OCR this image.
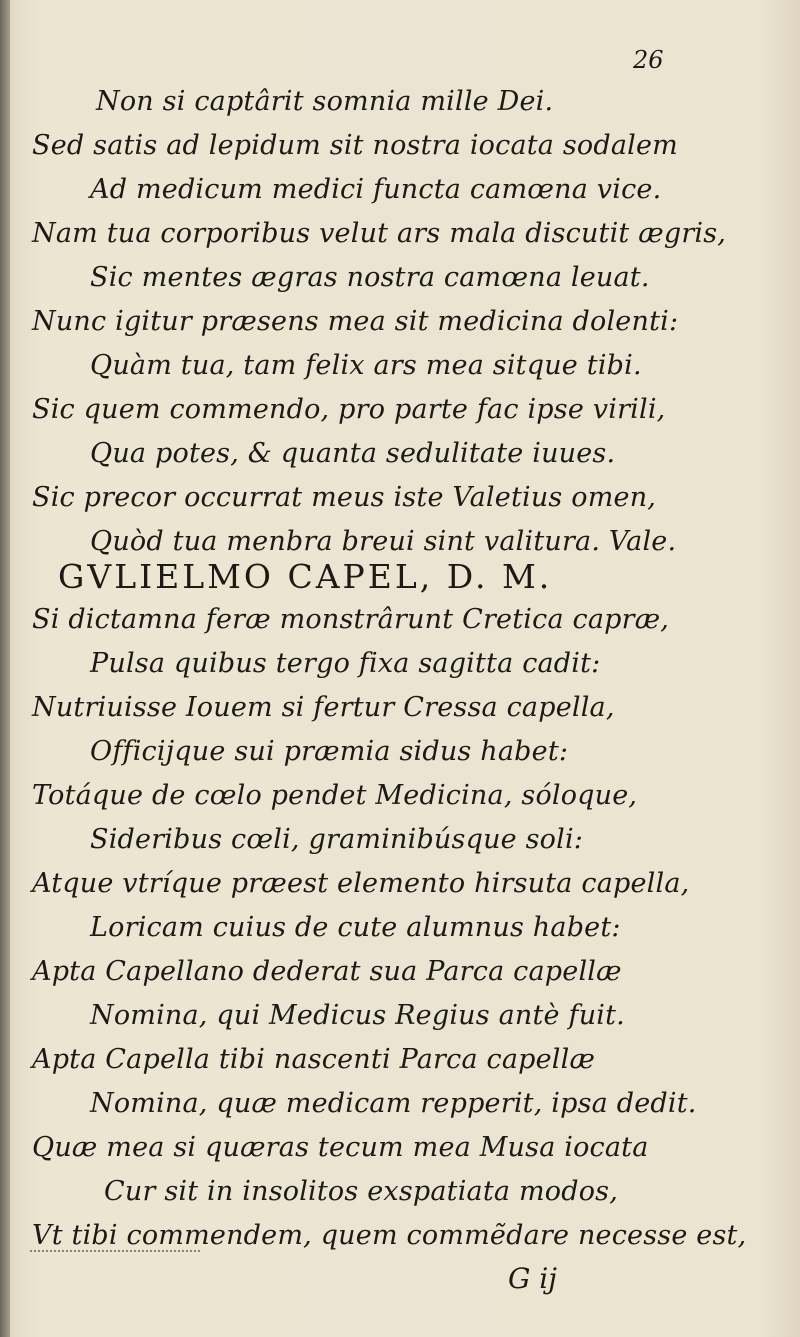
26
Non si captârit somnia mille Dei.
Sed satis ad lepidum sit nostra iocata sodalem
Ad medicum medici functa camœna vice.
Nam tua corporibus velut ars mala discutit ægris,
Sic mentes ægras nostra camœna leuat.
Nunc igitur præsens mea sit medicina dolenti:
Quàm tua, tam felix ars mea sitque tibi.
Sic quem commendo, pro parte fac ipse virili,
Qua potes, & quanta sedulitate iuues.
Sic precor occurrat meus iste Valetius omen,
Quòd tua menbra breui sint valitura. Vale.
GVLIELMO CAPEL, D. M.
Si dictamna feræ monstrârunt Cretica capræ,
Pulsa quibus tergo fixa sagitta cadit:
Nutriuisse Iouem si fertur Cressa capella,
Officijque sui præmia sidus habet:
Totáque de cœlo pendet Medicina, sóloque,
Sideribus cœli, graminibúsque soli:
Atque vtríque præest elemento hirsuta capella,
Loricam cuius de cute alumnus habet:
Apta Capellano dederat sua Parca capellæ
Nomina, qui Medicus Regius antè fuit.
Apta Capella tibi nascenti Parca capellæ
Nomina, quæ medicam repperit, ipsa dedit.
Quæ mea si quæras tecum mea Musa iocata
Cur sit in insolitos exspatiata modos,
Vt tibi commendem, quem commẽdare necesse est,
G ij
